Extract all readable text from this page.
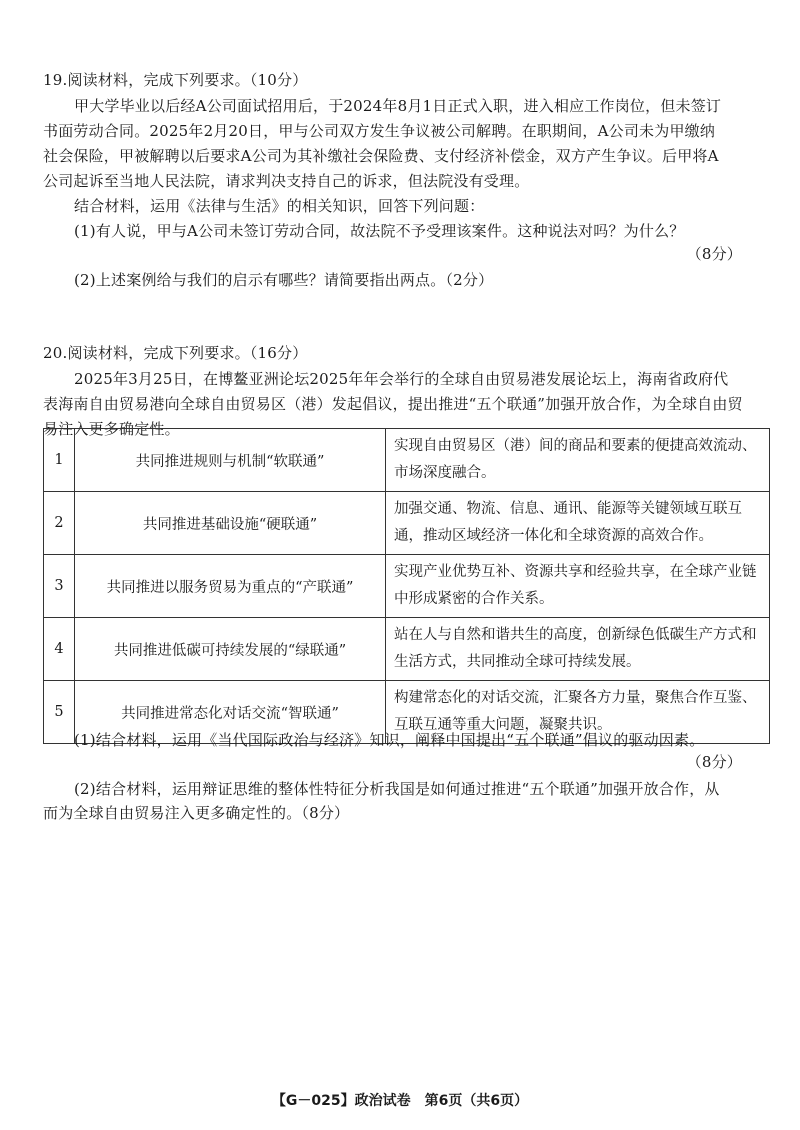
19.阅读材料，完成下列要求。（10分）
甲大学毕业以后经A公司面试招用后，于2024年8月1日正式入职，进入相应工作岗位，但未签订
书面劳动合同。2025年2月20日，甲与公司双方发生争议被公司解聘。在职期间，A公司未为甲缴纳
社会保险，甲被解聘以后要求A公司为其补缴社会保险费、支付经济补偿金，双方产生争议。后甲将A
公司起诉至当地人民法院，请求判决支持自己的诉求，但法院没有受理。
结合材料，运用《法律与生活》的相关知识，回答下列问题：
(1)有人说，甲与A公司未签订劳动合同，故法院不予受理该案件。这种说法对吗？为什么？
（8分）
(2)上述案例给与我们的启示有哪些？请简要指出两点。（2分）
20.阅读材料，完成下列要求。（16分）
2025年3月25日，在博鳌亚洲论坛2025年年会举行的全球自由贸易港发展论坛上，海南省政府代
表海南自由贸易港向全球自由贸易区（港）发起倡议，提出推进“五个联通”加强开放合作，为全球自由贸
易注入更多确定性。
1	共同推进规则与机制“软联通”	实现自由贸易区（港）间的商品和要素的便捷高效流动、市场深度融合。
2	共同推进基础设施“硬联通”	加强交通、物流、信息、通讯、能源等关键领域互联互通，推动区域经济一体化和全球资源的高效合作。
3	共同推进以服务贸易为重点的“产联通”	实现产业优势互补、资源共享和经验共享，在全球产业链中形成紧密的合作关系。
4	共同推进低碳可持续发展的“绿联通”	站在人与自然和谐共生的高度，创新绿色低碳生产方式和生活方式，共同推动全球可持续发展。
5	共同推进常态化对话交流“智联通”	构建常态化的对话交流，汇聚各方力量，聚焦合作互鉴、互联互通等重大问题，凝聚共识。
(1)结合材料，运用《当代国际政治与经济》知识，阐释中国提出“五个联通”倡议的驱动因素。
（8分）
(2)结合材料，运用辩证思维的整体性特征分析我国是如何通过推进“五个联通”加强开放合作，从
而为全球自由贸易注入更多确定性的。（8分）
【G－025】政治试卷　第6页（共6页）
